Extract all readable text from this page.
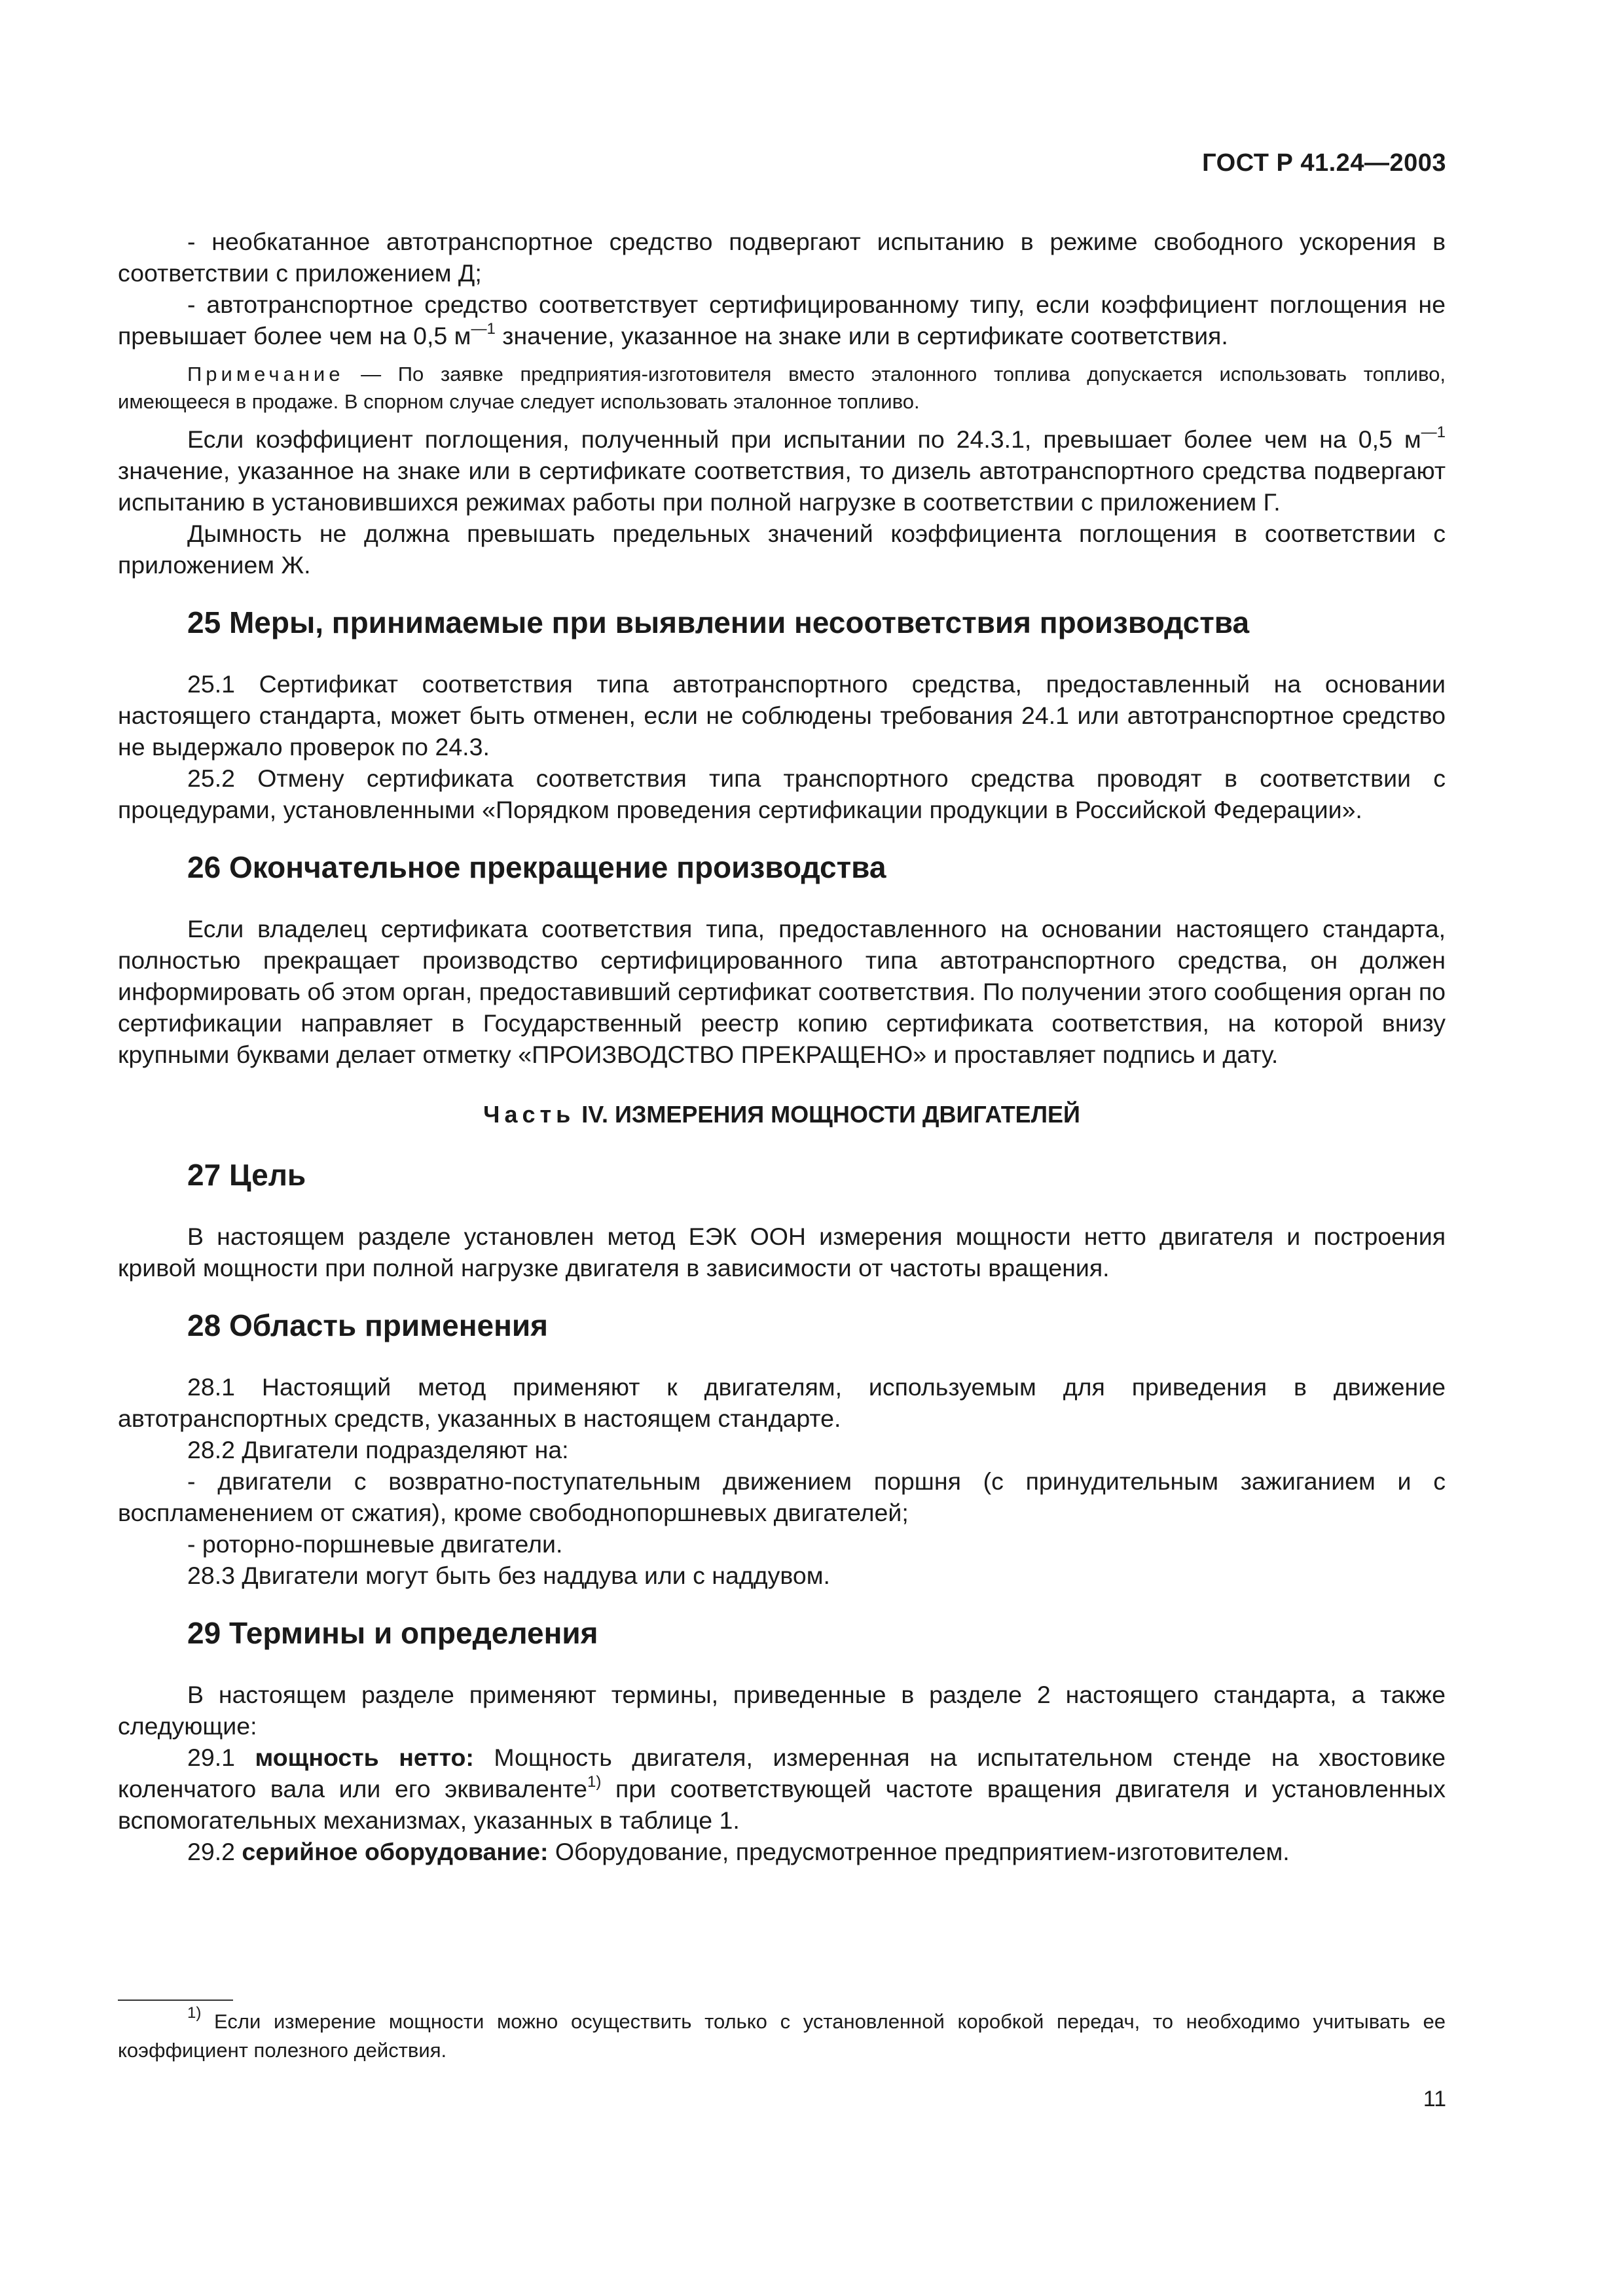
ГОСТ Р 41.24—2003

- необкатанное автотранспортное средство подвергают испытанию в режиме свободного ускорения в соответствии с приложением Д;

- автотранспортное средство соответствует сертифицированному типу, если коэффициент поглощения не превышает более чем на 0,5 $м^{—1}$ значение, указанное на знаке или в сертификате соответствия.

Примечание — По заявке предприятия-изготовителя вместо эталонного топлива допускается использовать топливо, имеющееся в продаже. В спорном случае следует использовать эталонное топливо.

Если коэффициент поглощения, полученный при испытании по 24.3.1, превышает более чем на 0,5 $м^{—1}$ значение, указанное на знаке или в сертификате соответствия, то дизель автотранспортного средства подвергают испытанию в установившихся режимах работы при полной нагрузке в соответствии с приложением Г.

Дымность не должна превышать предельных значений коэффициента поглощения в соответствии с приложением Ж.

25 Меры, принимаемые при выявлении несоответствия производства

25.1 Сертификат соответствия типа автотранспортного средства, предоставленный на основании настоящего стандарта, может быть отменен, если не соблюдены требования 24.1 или автотранспортное средство не выдержало проверок по 24.3.

25.2 Отмену сертификата соответствия типа транспортного средства проводят в соответствии с процедурами, установленными «Порядком проведения сертификации продукции в Российской Федерации».

26 Окончательное прекращение производства

Если владелец сертификата соответствия типа, предоставленного на основании настоящего стандарта, полностью прекращает производство сертифицированного типа автотранспортного средства, он должен информировать об этом орган, предоставивший сертификат соответствия. По получении этого сообщения орган по сертификации направляет в Государственный реестр копию сертификата соответствия, на которой внизу крупными буквами делает отметку «ПРОИЗВОДСТВО ПРЕКРАЩЕНО» и проставляет подпись и дату.

Часть IV. ИЗМЕРЕНИЯ МОЩНОСТИ ДВИГАТЕЛЕЙ
27 Цель

В настоящем разделе установлен метод ЕЭК ООН измерения мощности нетто двигателя и построения кривой мощности при полной нагрузке двигателя в зависимости от частоты вращения.

28 Область применения

28.1 Настоящий метод применяют к двигателям, используемым для приведения в движение автотранспортных средств, указанных в настоящем стандарте.

28.2 Двигатели подразделяют на:

- двигатели с возвратно-поступательным движением поршня (с принудительным зажиганием и с воспламенением от сжатия), кроме свободнопоршневых двигателей;

- роторно-поршневые двигатели.

28.3 Двигатели могут быть без наддува или с наддувом.

29 Термины и определения

В настоящем разделе применяют термины, приведенные в разделе 2 настоящего стандарта, а также следующие:

29.1 мощность нетто: Мощность двигателя, измеренная на испытательном стенде на хвостовике коленчатого вала или его эквиваленте$^{1)}$ при соответствующей частоте вращения двигателя и установленных вспомогательных механизмах, указанных в таблице 1.

29.2 серийное оборудование: Оборудование, предусмотренное предприятием-изготовителем.

$^{1)}$ Если измерение мощности можно осуществить только с установленной коробкой передач, то необходимо учитывать ее коэффициент полезного действия.

11
